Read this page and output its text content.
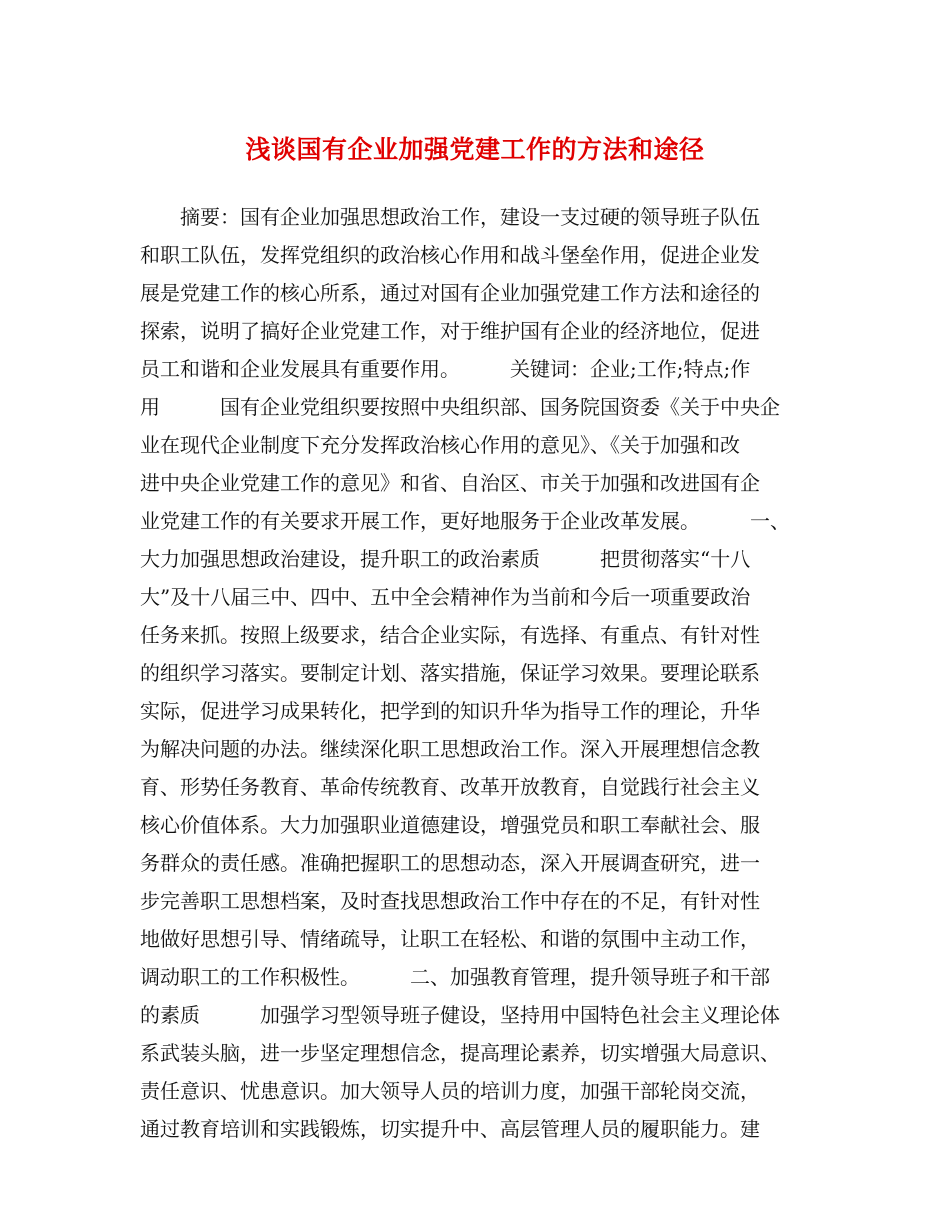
浅谈国有企业加强党建工作的方法和途径
摘要：国有企业加强思想政治工作，建设一支过硬的领导班子队伍
和职工队伍，发挥党组织的政治核心作用和战斗堡垒作用，促进企业发
展是党建工作的核心所系，通过对国有企业加强党建工作方法和途径的
探索，说明了搞好企业党建工作，对于维护国有企业的经济地位，促进
员工和谐和企业发展具有重要作用。　　　关键词：企业;工作;特点;作
用　　　国有企业党组织要按照中央组织部、国务院国资委《关于中央企
业在现代企业制度下充分发挥政治核心作用的意见》、《关于加强和改
进中央企业党建工作的意见》和省、自治区、市关于加强和改进国有企
业党建工作的有关要求开展工作，更好地服务于企业改革发展。　　　一、
大力加强思想政治建设，提升职工的政治素质　　　把贯彻落实“十八
大”及十八届三中、四中、五中全会精神作为当前和今后一项重要政治
任务来抓。按照上级要求，结合企业实际，有选择、有重点、有针对性
的组织学习落实。要制定计划、落实措施，保证学习效果。要理论联系
实际，促进学习成果转化，把学到的知识升华为指导工作的理论，升华
为解决问题的办法。继续深化职工思想政治工作。深入开展理想信念教
育、形势任务教育、革命传统教育、改革开放教育，自觉践行社会主义
核心价值体系。大力加强职业道德建设，增强党员和职工奉献社会、服
务群众的责任感。准确把握职工的思想动态，深入开展调查研究，进一
步完善职工思想档案，及时查找思想政治工作中存在的不足，有针对性
地做好思想引导、情绪疏导，让职工在轻松、和谐的氛围中主动工作，
调动职工的工作积极性。　　　二、加强教育管理，提升领导班子和干部
的素质　　　加强学习型领导班子健设，坚持用中国特色社会主义理论体
系武装头脑，进一步坚定理想信念，提高理论素养，切实增强大局意识、
责任意识、忧患意识。加大领导人员的培训力度，加强干部轮岗交流，
通过教育培训和实践锻炼，切实提升中、高层管理人员的履职能力。建
